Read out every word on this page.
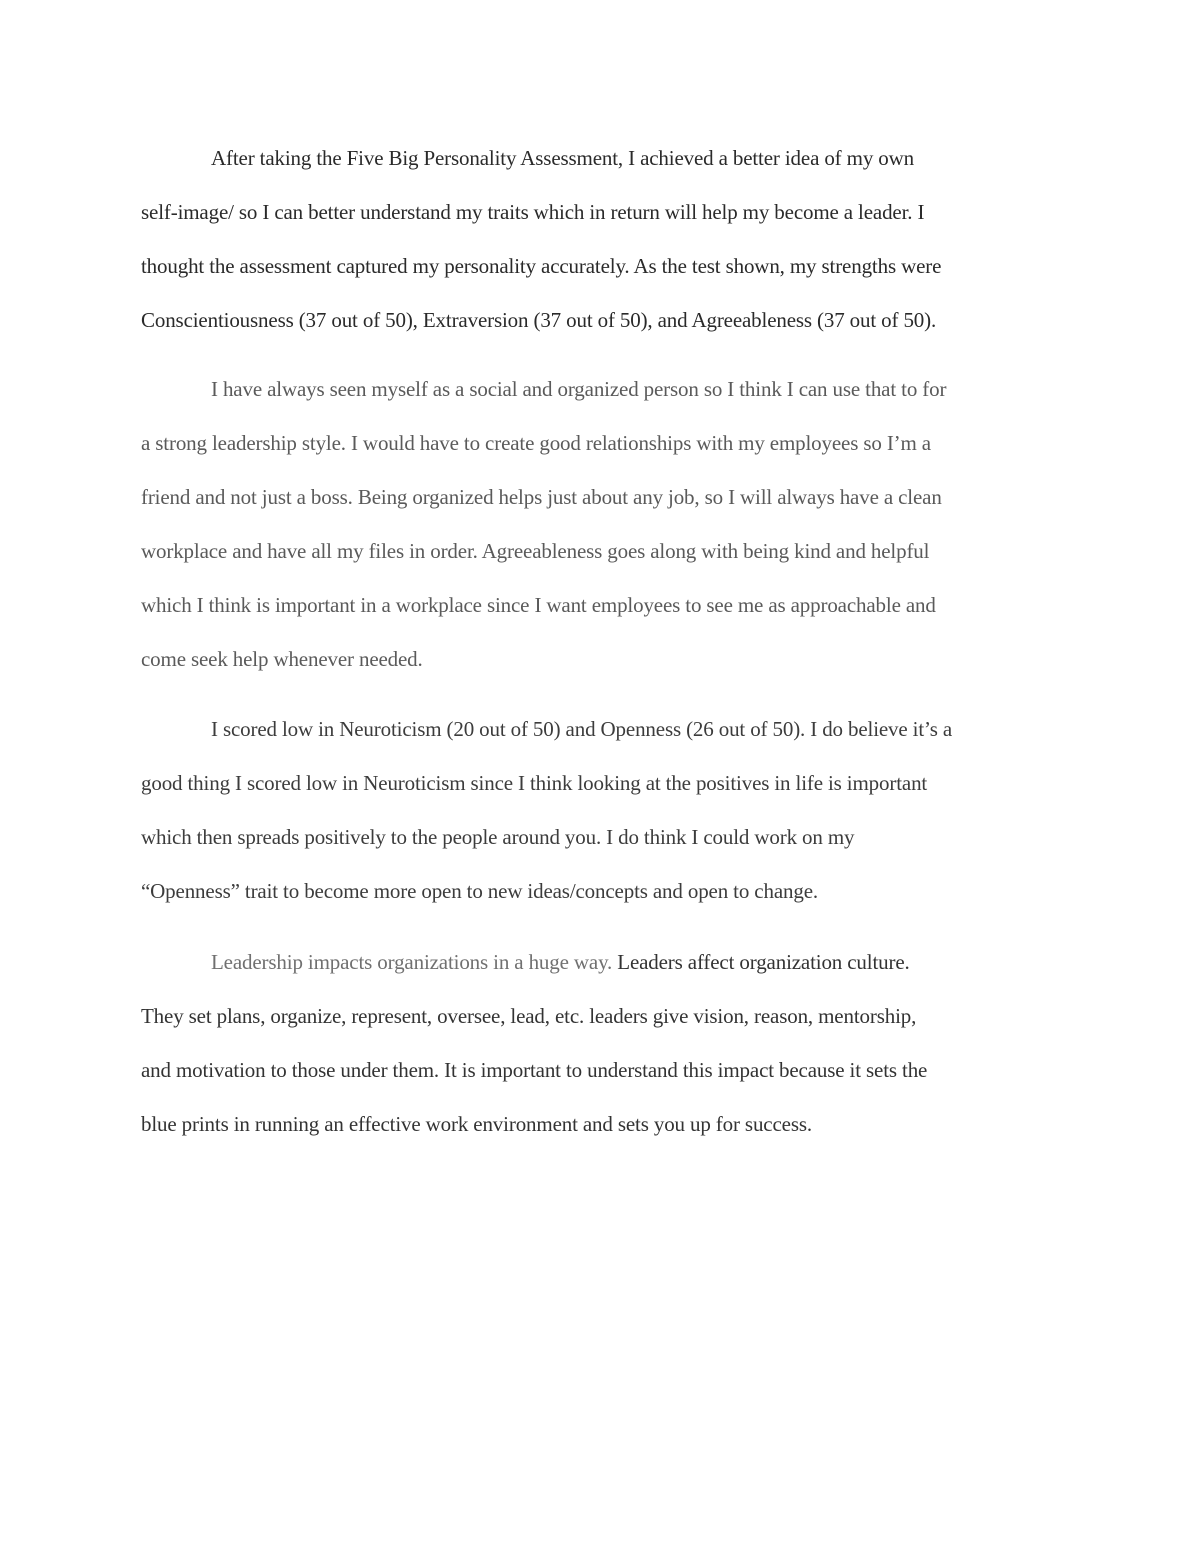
After taking the Five Big Personality Assessment, I achieved a better idea of my own

self-image/ so I can better understand my traits which in return will help my become a leader. I

thought the assessment captured my personality accurately. As the test shown, my strengths were

Conscientiousness (37 out of 50), Extraversion (37 out of 50), and Agreeableness (37 out of 50).

I have always seen myself as a social and organized person so I think I can use that to for

a strong leadership style. I would have to create good relationships with my employees so I’m a

friend and not just a boss. Being organized helps just about any job, so I will always have a clean

workplace and have all my files in order. Agreeableness goes along with being kind and helpful

which I think is important in a workplace since I want employees to see me as approachable and

come seek help whenever needed.

I scored low in Neuroticism (20 out of 50) and Openness (26 out of 50). I do believe it’s a

good thing I scored low in Neuroticism since I think looking at the positives in life is important

which then spreads positively to the people around you. I do think I could work on my

“Openness” trait to become more open to new ideas/concepts and open to change.

Leadership impacts organizations in a huge way. Leaders affect organization culture.

They set plans, organize, represent, oversee, lead, etc. leaders give vision, reason, mentorship,

and motivation to those under them. It is important to understand this impact because it sets the

blue prints in running an effective work environment and sets you up for success.
